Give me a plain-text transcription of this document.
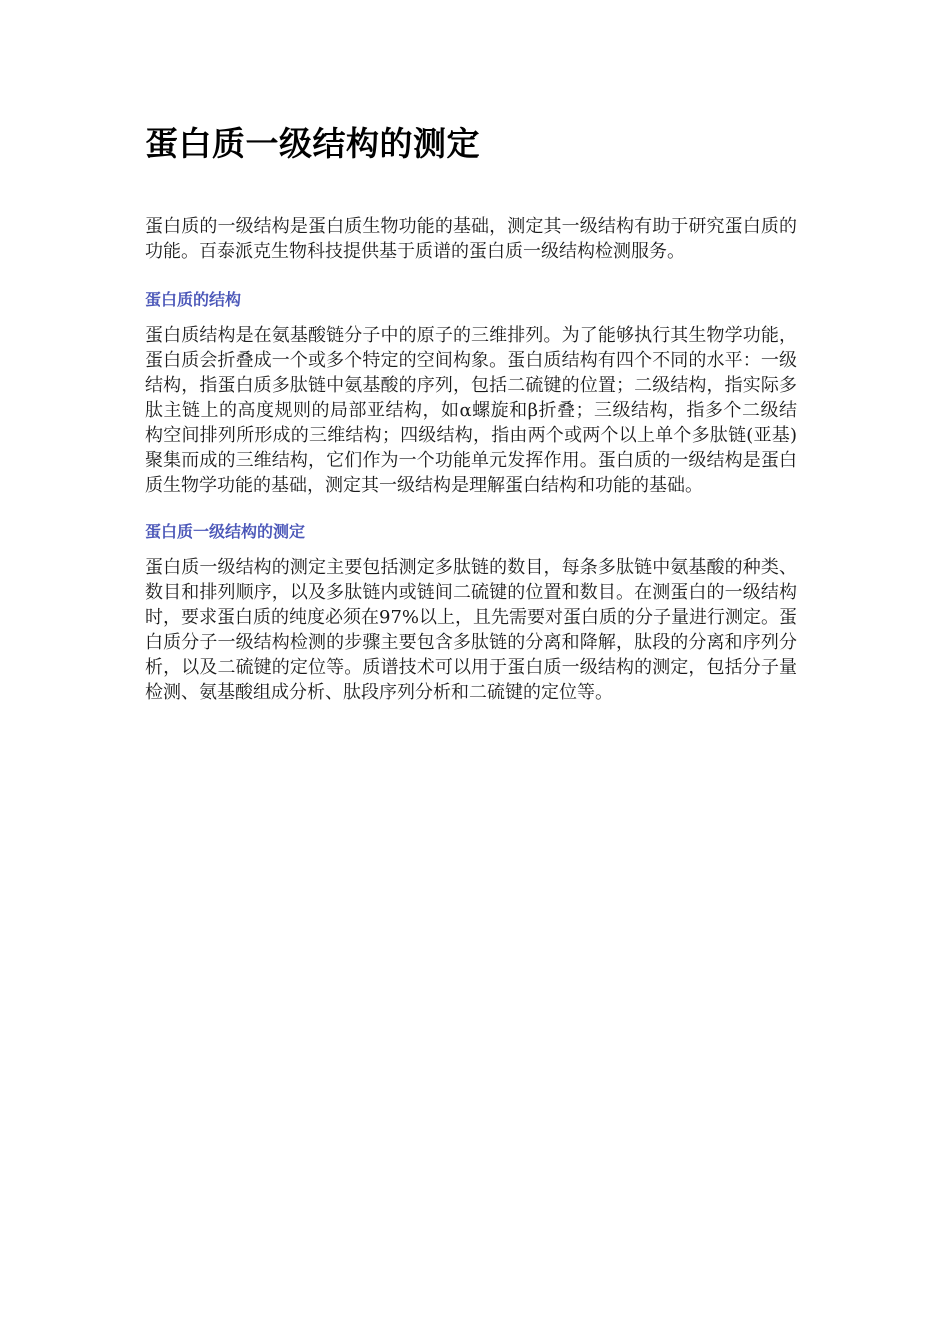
蛋白质一级结构的测定

蛋白质的一级结构是蛋白质生物功能的基础，测定其一级结构有助于研究蛋白质的功能。百泰派克生物科技提供基于质谱的蛋白质一级结构检测服务。

蛋白质的结构

蛋白质结构是在氨基酸链分子中的原子的三维排列。为了能够执行其生物学功能，蛋白质会折叠成一个或多个特定的空间构象。蛋白质结构有四个不同的水平：一级结构，指蛋白质多肽链中氨基酸的序列，包括二硫键的位置；二级结构，指实际多肽主链上的高度规则的局部亚结构，如α螺旋和β折叠；三级结构，指多个二级结构空间排列所形成的三维结构；四级结构，指由两个或两个以上单个多肽链(亚基)聚集而成的三维结构，它们作为一个功能单元发挥作用。蛋白质的一级结构是蛋白质生物学功能的基础，测定其一级结构是理解蛋白结构和功能的基础。

蛋白质一级结构的测定

蛋白质一级结构的测定主要包括测定多肽链的数目，每条多肽链中氨基酸的种类、数目和排列顺序，以及多肽链内或链间二硫键的位置和数目。在测蛋白的一级结构时，要求蛋白质的纯度必须在97%以上，且先需要对蛋白质的分子量进行测定。蛋白质分子一级结构检测的步骤主要包含多肽链的分离和降解，肽段的分离和序列分析，以及二硫键的定位等。质谱技术可以用于蛋白质一级结构的测定，包括分子量检测、氨基酸组成分析、肽段序列分析和二硫键的定位等。
